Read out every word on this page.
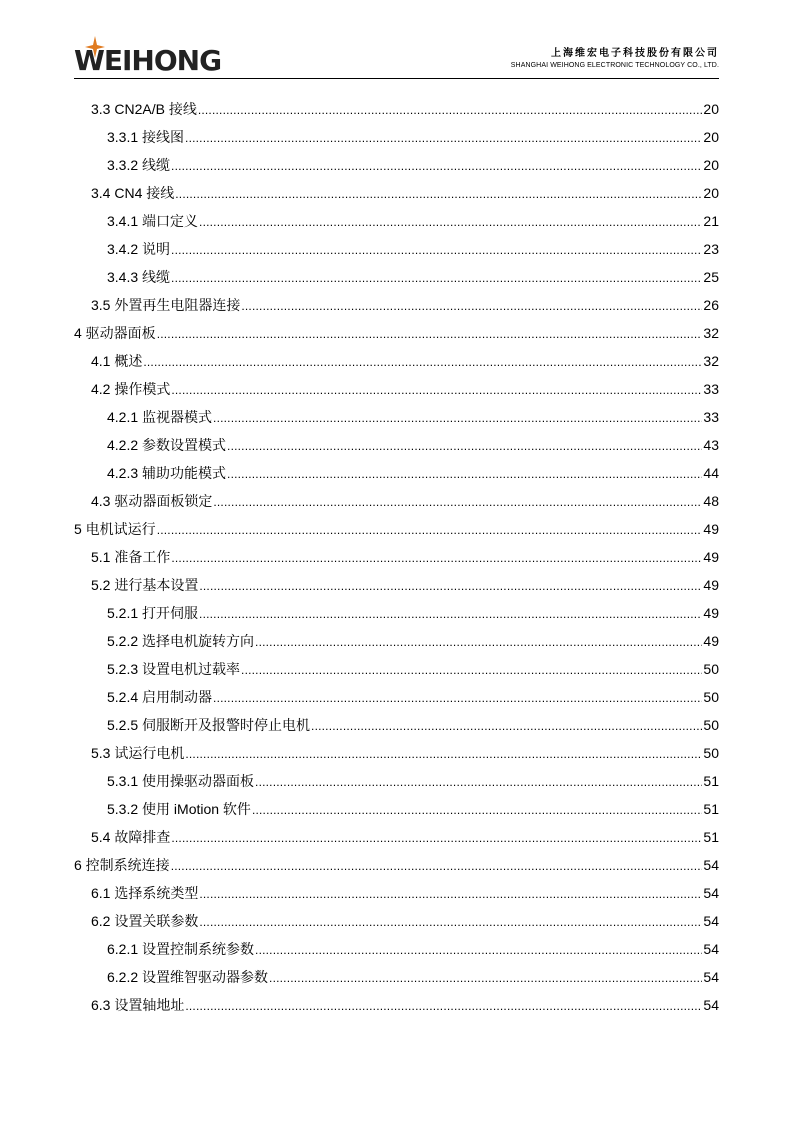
WEIHONG	上海维宏电子科技股份有限公司
SHANGHAI WEIHONG ELECTRONIC TECHNOLOGY CO., LTD.
3.3 CN2A/B 接线 .....	20
3.3.1 接线图 .....	20
3.3.2 线缆 .....	20
3.4 CN4 接线 .....	20
3.4.1 端口定义 .....	21
3.4.2 说明 .....	23
3.4.3 线缆 .....	25
3.5 外置再生电阻器连接 .....	26
4 驱动器面板 .....	32
4.1 概述 .....	32
4.2 操作模式 .....	33
4.2.1 监视器模式 .....	33
4.2.2 参数设置模式 .....	43
4.2.3 辅助功能模式 .....	44
4.3 驱动器面板锁定 .....	48
5 电机试运行 .....	49
5.1 准备工作 .....	49
5.2 进行基本设置 .....	49
5.2.1 打开伺服 .....	49
5.2.2 选择电机旋转方向 .....	49
5.2.3 设置电机过载率 .....	50
5.2.4 启用制动器 .....	50
5.2.5 伺服断开及报警时停止电机 .....	50
5.3 试运行电机 .....	50
5.3.1 使用操驱动器面板 .....	51
5.3.2 使用 iMotion 软件 .....	51
5.4 故障排查 .....	51
6 控制系统连接 .....	54
6.1 选择系统类型 .....	54
6.2 设置关联参数 .....	54
6.2.1 设置控制系统参数 .....	54
6.2.2 设置维智驱动器参数 .....	54
6.3 设置轴地址 .....	54
